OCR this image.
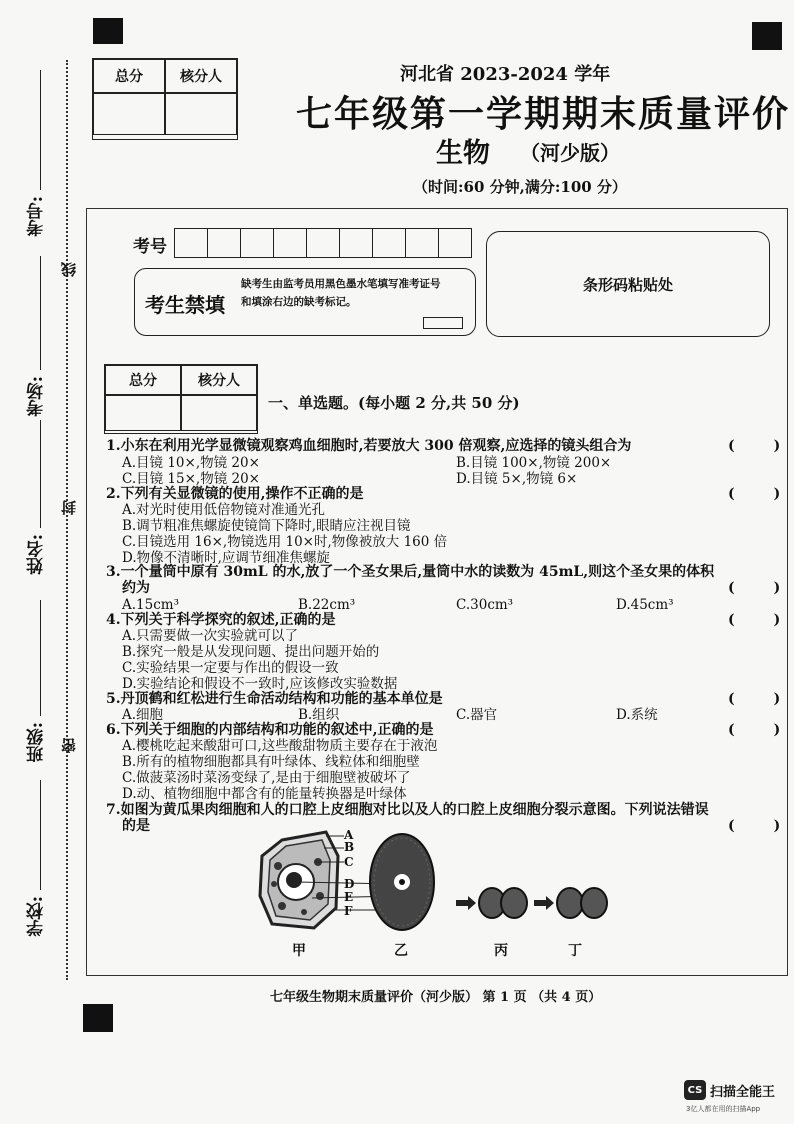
总分	核分人	河北省 2023-2024 学年
七年级第一学期期末质量评价
生物 （河少版）
（时间:60 分钟,满分:100 分）
线
封
密
考号:
考场:
姓名:
班级:
学校:
考号
考生禁填
缺考生由监考员用黑色墨水笔填写准考证号和填涂右边的缺考标记。
条形码粘贴处
总分	核分人
一、单选题。(每小题 2 分,共 50 分)
1.小东在利用光学显微镜观察鸡血细胞时,若要放大 300 倍观察,应选择的镜头组合为	(        )
A.目镜 10×,物镜 20×	B.目镜 100×,物镜 200×
C.目镜 15×,物镜 20×	D.目镜 5×,物镜 6×
2.下列有关显微镜的使用,操作不正确的是	(        )
A.对光时使用低倍物镜对准通光孔
B.调节粗准焦螺旋使镜筒下降时,眼睛应注视目镜
C.目镜选用 16×,物镜选用 10×时,物像被放大 160 倍
D.物像不清晰时,应调节细准焦螺旋
3.一个量筒中原有 30mL 的水,放了一个圣女果后,量筒中水的读数为 45mL,则这个圣女果的体积
约为	(        )
A.15cm³	B.22cm³	C.30cm³	D.45cm³
4.下列关于科学探究的叙述,正确的是	(        )
A.只需要做一次实验就可以了
B.探究一般是从发现问题、提出问题开始的
C.实验结果一定要与作出的假设一致
D.实验结论和假设不一致时,应该修改实验数据
5.丹顶鹤和红松进行生命活动结构和功能的基本单位是	(        )
A.细胞	B.组织	C.器官	D.系统
6.下列关于细胞的内部结构和功能的叙述中,正确的是	(        )
A.樱桃吃起来酸甜可口,这些酸甜物质主要存在于液泡
B.所有的植物细胞都具有叶绿体、线粒体和细胞壁
C.做菠菜汤时菜汤变绿了,是由于细胞壁被破坏了
D.动、植物细胞中都含有的能量转换器是叶绿体
7.如图为黄瓜果肉细胞和人的口腔上皮细胞对比以及人的口腔上皮细胞分裂示意图。下列说法错误
的是	(        )
A
B
C
D
E
F
甲	乙	丙	丁
七年级生物期末质量评价（河少版） 第 1 页 （共 4 页）
CS 扫描全能王
3亿人都在用的扫描App
